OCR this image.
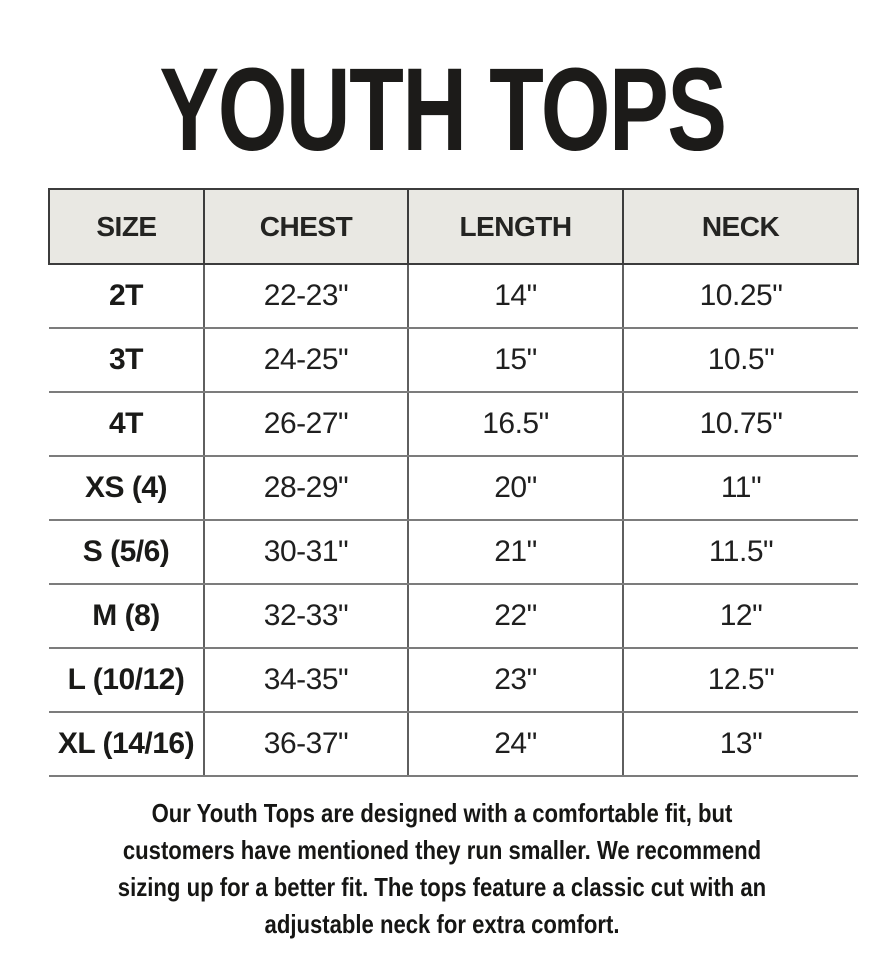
YOUTH TOPS
SIZE	CHEST	LENGTH	NECK
2T	22-23"	14"	10.25"
3T	24-25"	15"	10.5"
4T	26-27"	16.5"	10.75"
XS (4)	28-29"	20"	11"
S (5/6)	30-31"	21"	11.5"
M (8)	32-33"	22"	12"
L (10/12)	34-35"	23"	12.5"
XL (14/16)	36-37"	24"	13"
Our Youth Tops are designed with a comfortable fit, but
customers have mentioned they run smaller. We recommend
sizing up for a better fit. The tops feature a classic cut with an
adjustable neck for extra comfort.
